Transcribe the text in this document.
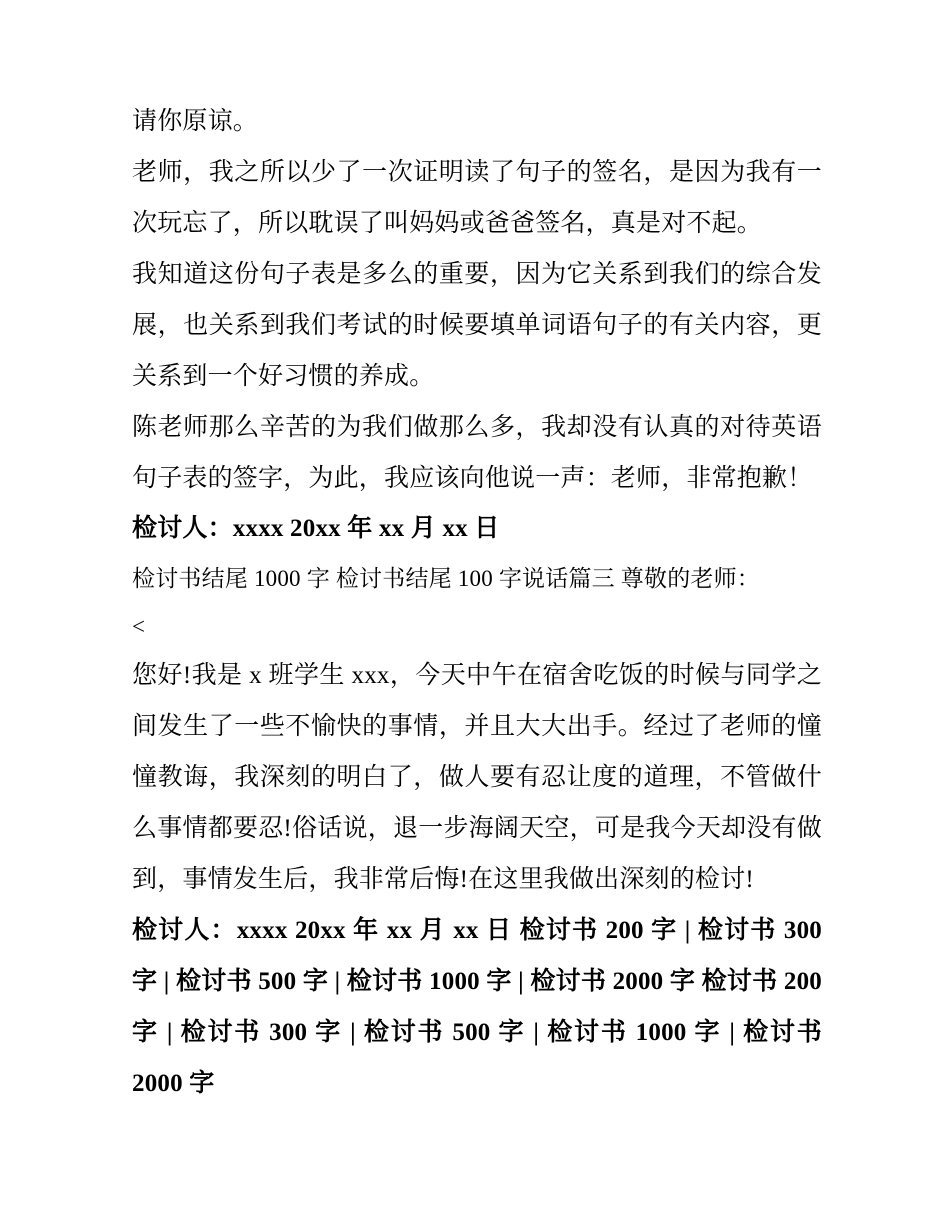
请你原谅。

老师，我之所以少了一次证明读了句子的签名，是因为我有一次玩忘了，所以耽误了叫妈妈或爸爸签名，真是对不起。

我知道这份句子表是多么的重要，因为它关系到我们的综合发展，也关系到我们考试的时候要填单词语句子的有关内容，更关系到一个好习惯的养成。

陈老师那么辛苦的为我们做那么多，我却没有认真的对待英语句子表的签字，为此，我应该向他说一声：老师，非常抱歉！

检讨人：xxxx 20xx 年 xx 月 xx 日

检讨书结尾 1000 字 检讨书结尾 100 字说话篇三 尊敬的老师：

<

您好!我是 x 班学生 xxx，今天中午在宿舍吃饭的时候与同学之间发生了一些不愉快的事情，并且大大出手。经过了老师的憧憧教诲，我深刻的明白了，做人要有忍让度的道理，不管做什么事情都要忍!俗话说，退一步海阔天空，可是我今天却没有做到，事情发生后，我非常后悔!在这里我做出深刻的检讨!

检讨人：xxxx 20xx 年 xx 月 xx 日 检讨书 200 字 | 检讨书 300 字 | 检讨书 500 字 | 检讨书 1000 字 | 检讨书 2000 字 检讨书 200 字 | 检讨书 300 字 | 检讨书 500 字 | 检讨书 1000 字 | 检讨书 2000 字
